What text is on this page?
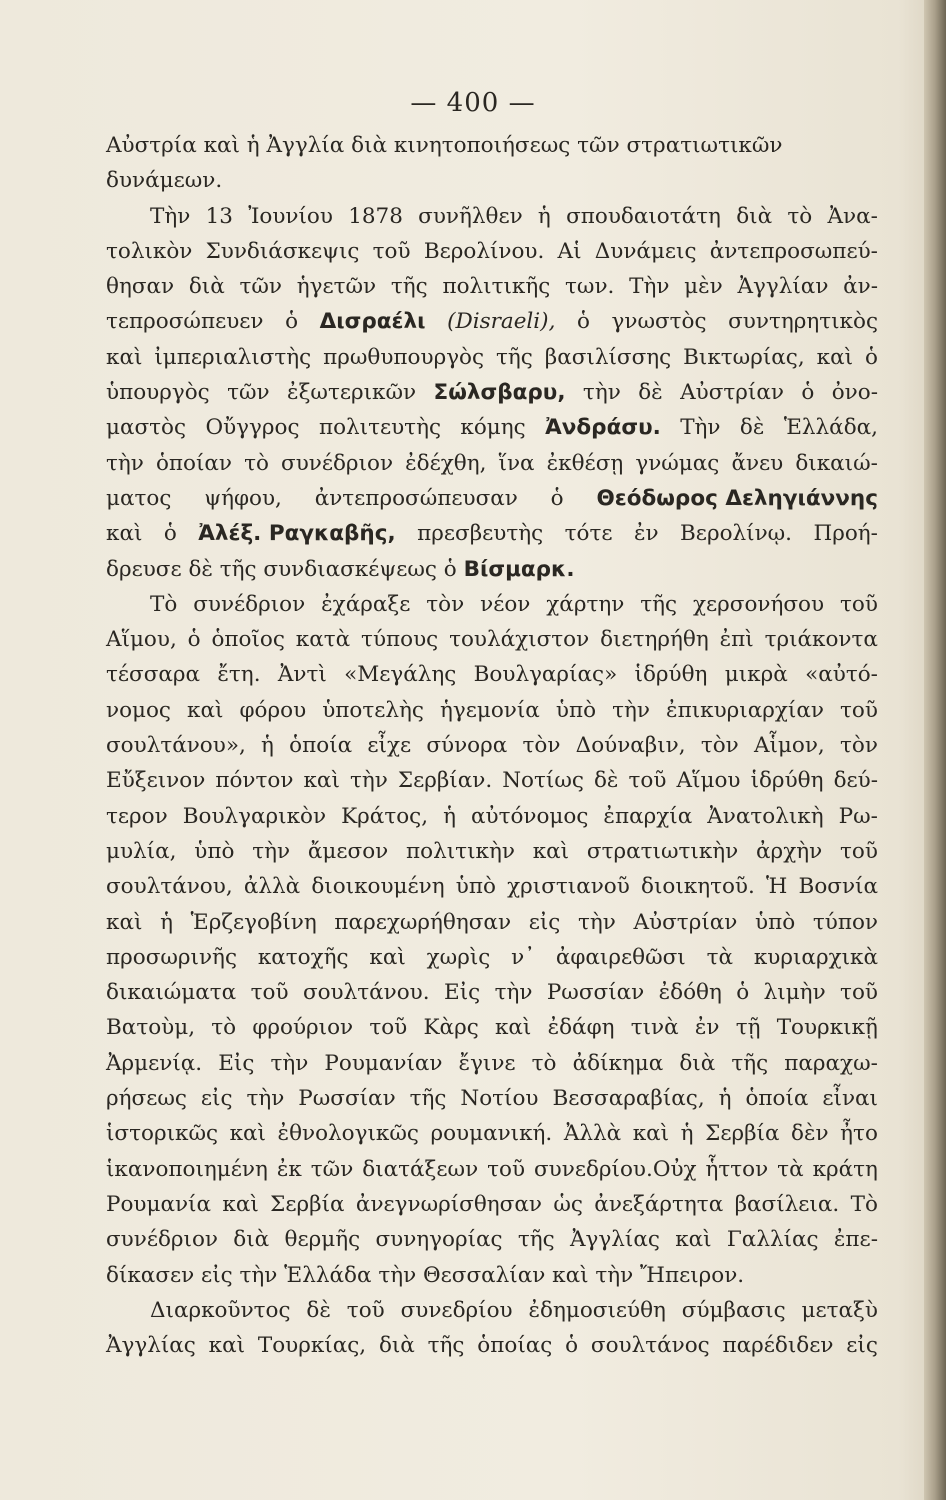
— 400 —
Αὐστρία καὶ ἡ Ἀγγλία διὰ κινητοποιήσεως τῶν στρατιωτικῶν
δυνάμεων.
Τὴν 13 Ἰουνίου 1878 συνῆλθεν ἡ σπουδαιοτάτη διὰ τὸ Ἀνα-
τολικὸν Συνδιάσκεψις τοῦ Βερολίνου. Αἱ Δυνάμεις ἀντεπροσωπεύ-
θησαν διὰ τῶν ἡγετῶν τῆς πολιτικῆς των. Τὴν μὲν Ἀγγλίαν ἀν-
τεπροσώπευεν ὁ Δισραέλι (Disraeli), ὁ γνωστὸς συντηρητικὸς
καὶ ἰμπεριαλιστὴς πρωθυπουργὸς τῆς βασιλίσσης Βικτωρίας, καὶ ὁ
ὑπουργὸς τῶν ἐξωτερικῶν Σώλσβαρυ, τὴν δὲ Αὐστρίαν ὁ ὀνο-
μαστὸς Οὔγγρος πολιτευτὴς κόμης Ἀνδράσυ. Τὴν δὲ Ἑλλάδα,
τὴν ὁποίαν τὸ συνέδριον ἐδέχθη, ἵνα ἐκθέσῃ γνώμας ἄνευ δικαιώ-
ματος ψήφου, ἀντεπροσώπευσαν ὁ Θεόδωρος Δεληγιάννης
καὶ ὁ Ἀλέξ. Ραγκαβῆς, πρεσβευτὴς τότε ἐν Βερολίνῳ. Προή-
δρευσε δὲ τῆς συνδιασκέψεως ὁ Βίσμαρκ.
Τὸ συνέδριον ἐχάραξε τὸν νέον χάρτην τῆς χερσονήσου τοῦ
Αἵμου, ὁ ὁποῖος κατὰ τύπους τουλάχιστον διετηρήθη ἐπὶ τριάκοντα
τέσσαρα ἔτη. Ἀντὶ «Μεγάλης Βουλγαρίας» ἱδρύθη μικρὰ «αὐτό-
νομος καὶ φόρου ὑποτελὴς ἡγεμονία ὑπὸ τὴν ἐπικυριαρχίαν τοῦ
σουλτάνου», ἡ ὁποία εἶχε σύνορα τὸν Δούναβιν, τὸν Αἷμον, τὸν
Εὔξεινον πόντον καὶ τὴν Σερβίαν. Νοτίως δὲ τοῦ Αἵμου ἱδρύθη δεύ-
τερον Βουλγαρικὸν Κράτος, ἡ αὐτόνομος ἐπαρχία Ἀνατολικὴ Ρω-
μυλία, ὑπὸ τὴν ἄμεσον πολιτικὴν καὶ στρατιωτικὴν ἀρχὴν τοῦ
σουλτάνου, ἀλλὰ διοικουμένη ὑπὸ χριστιανοῦ διοικητοῦ. Ἡ Βοσνία
καὶ ἡ Ἑρζεγοβίνη παρεχωρήθησαν εἰς τὴν Αὐστρίαν ὑπὸ τύπον
προσωρινῆς κατοχῆς καὶ χωρὶς ν᾽ ἀφαιρεθῶσι τὰ κυριαρχικὰ
δικαιώματα τοῦ σουλτάνου. Εἰς τὴν Ρωσσίαν ἐδόθη ὁ λιμὴν τοῦ
Βατοὺμ, τὸ φρούριον τοῦ Κὰρς καὶ ἐδάφη τινὰ ἐν τῇ Τουρκικῇ
Ἀρμενίᾳ. Εἰς τὴν Ρουμανίαν ἔγινε τὸ ἀδίκημα διὰ τῆς παραχω-
ρήσεως εἰς τὴν Ρωσσίαν τῆς Νοτίου Βεσσαραβίας, ἡ ὁποία εἶναι
ἱστορικῶς καὶ ἐθνολογικῶς ρουμανική. Ἀλλὰ καὶ ἡ Σερβία δὲν ἦτο
ἱκανοποιημένη ἐκ τῶν διατάξεων τοῦ συνεδρίου.Οὐχ ἧττον τὰ κράτη
Ρουμανία καὶ Σερβία ἀνεγνωρίσθησαν ὡς ἀνεξάρτητα βασίλεια. Τὸ
συνέδριον διὰ θερμῆς συνηγορίας τῆς Ἀγγλίας καὶ Γαλλίας ἐπε-
δίκασεν εἰς τὴν Ἑλλάδα τὴν Θεσσαλίαν καὶ τὴν Ἤπειρον.
Διαρκοῦντος δὲ τοῦ συνεδρίου ἐδημοσιεύθη σύμβασις μεταξὺ
Ἀγγλίας καὶ Τουρκίας, διὰ τῆς ὁποίας ὁ σουλτάνος παρέδιδεν εἰς
